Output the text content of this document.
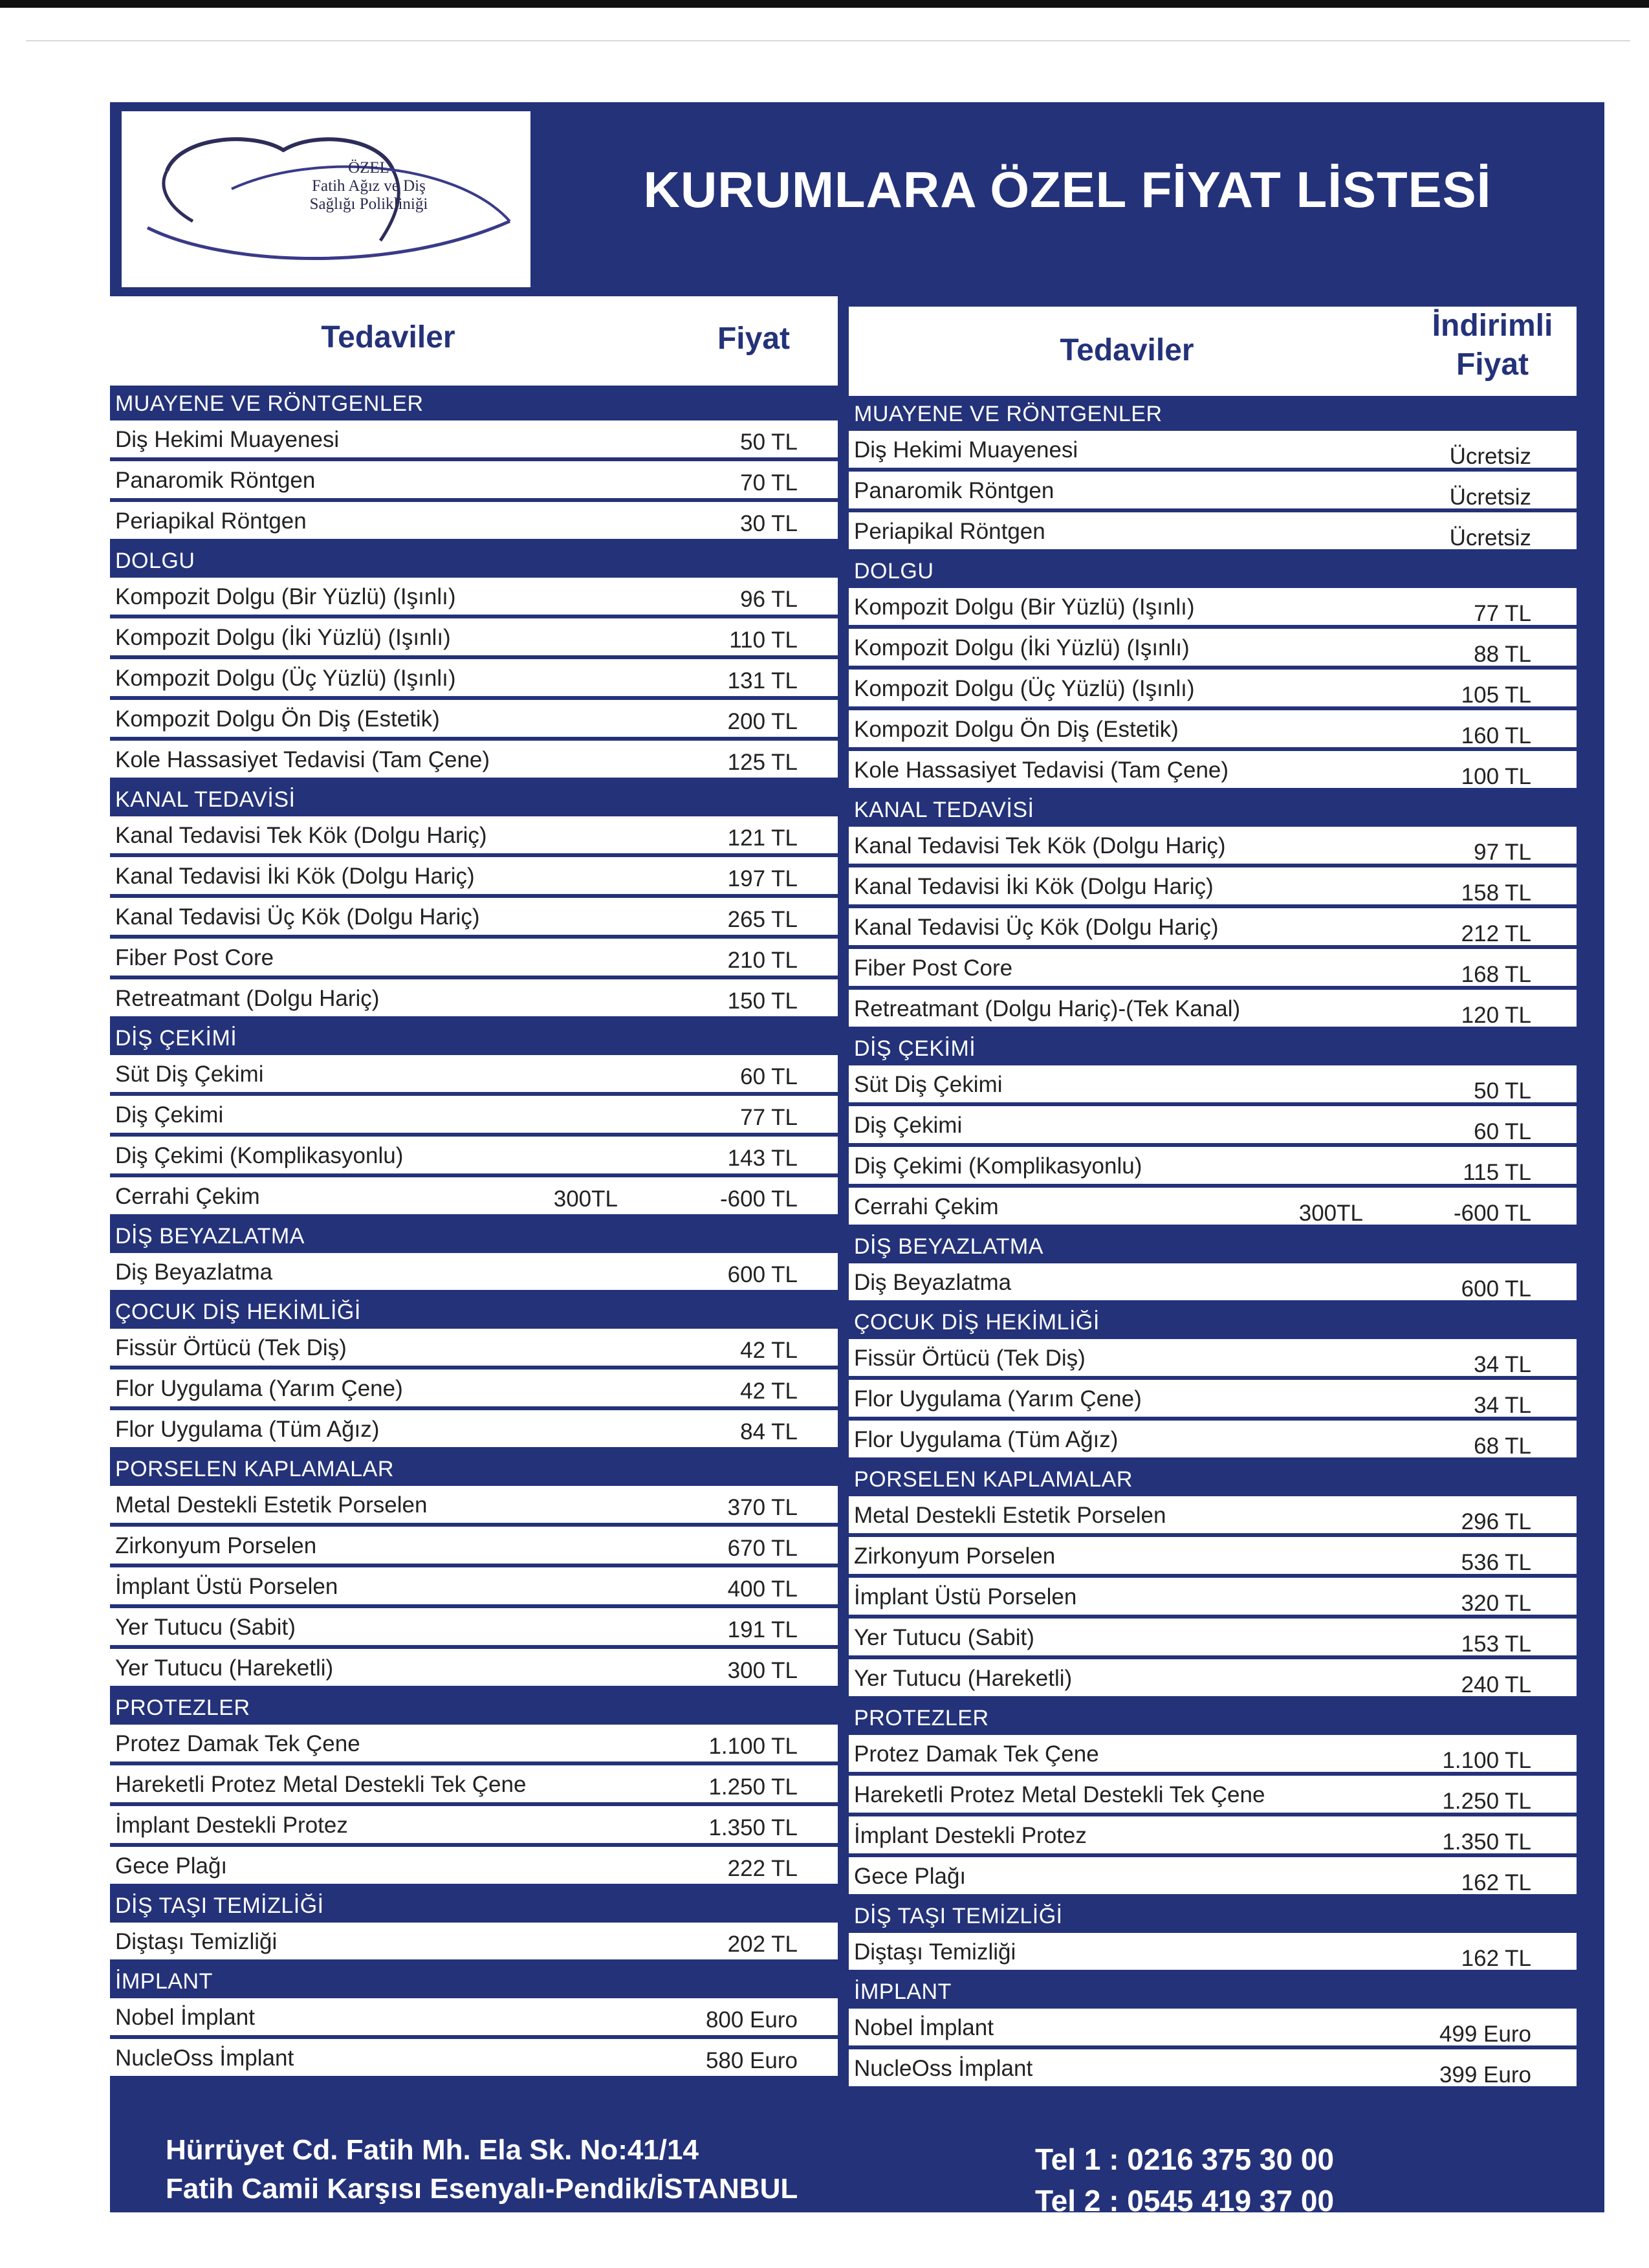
ÖZEL
Fatih Ağız ve Diş
Sağlığı Polikliniği	KURUMLARA ÖZEL FİYAT LİSTESİ
Tedaviler	Fiyat
MUAYENE VE RÖNTGENLER
Diş Hekimi Muayenesi	50 TL
Panaromik Röntgen	70 TL
Periapikal Röntgen	30 TL
DOLGU
Kompozit Dolgu (Bir Yüzlü) (Işınlı)	96 TL
Kompozit Dolgu (İki Yüzlü) (Işınlı)	110 TL
Kompozit Dolgu (Üç Yüzlü) (Işınlı)	131 TL
Kompozit Dolgu Ön Diş (Estetik)	200 TL
Kole Hassasiyet Tedavisi (Tam Çene)	125 TL
KANAL TEDAVİSİ
Kanal Tedavisi Tek Kök (Dolgu Hariç)	121 TL
Kanal Tedavisi İki Kök (Dolgu Hariç)	197 TL
Kanal Tedavisi Üç Kök (Dolgu Hariç)	265 TL
Fiber Post Core	210 TL
Retreatmant (Dolgu Hariç)	150 TL
DİŞ ÇEKİMİ
Süt Diş Çekimi	60 TL
Diş Çekimi	77 TL
Diş Çekimi (Komplikasyonlu)	143 TL
Cerrahi Çekim	300TL	-600 TL
DİŞ BEYAZLATMA
Diş Beyazlatma	600 TL
ÇOCUK DİŞ HEKİMLİĞİ
Fissür Örtücü (Tek Diş)	42 TL
Flor Uygulama (Yarım Çene)	42 TL
Flor Uygulama (Tüm Ağız)	84 TL
PORSELEN KAPLAMALAR
Metal Destekli Estetik Porselen	370 TL
Zirkonyum Porselen	670 TL
İmplant Üstü Porselen	400 TL
Yer Tutucu (Sabit)	191 TL
Yer Tutucu (Hareketli)	300 TL
PROTEZLER
Protez Damak Tek Çene	1.100 TL
Hareketli Protez Metal Destekli Tek Çene	1.250 TL
İmplant Destekli Protez	1.350 TL
Gece Plağı	222 TL
DİŞ TAŞI TEMİZLİĞİ
Diştaşı Temizliği	202 TL
İMPLANT
Nobel İmplant	800 Euro
NucleOss İmplant	580 Euro
Tedaviler
İndirimli Fiyat
MUAYENE VE RÖNTGENLER
Diş Hekimi Muayenesi	Ücretsiz
Panaromik Röntgen	Ücretsiz
Periapikal Röntgen	Ücretsiz
DOLGU
Kompozit Dolgu (Bir Yüzlü) (Işınlı)	77 TL
Kompozit Dolgu (İki Yüzlü) (Işınlı)	88 TL
Kompozit Dolgu (Üç Yüzlü) (Işınlı)	105 TL
Kompozit Dolgu Ön Diş (Estetik)	160 TL
Kole Hassasiyet Tedavisi (Tam Çene)	100 TL
KANAL TEDAVİSİ
Kanal Tedavisi Tek Kök (Dolgu Hariç)	97 TL
Kanal Tedavisi İki Kök (Dolgu Hariç)	158 TL
Kanal Tedavisi Üç Kök (Dolgu Hariç)	212 TL
Fiber Post Core	168 TL
Retreatmant (Dolgu Hariç)-(Tek Kanal)	120 TL
DİŞ ÇEKİMİ
Süt Diş Çekimi	50 TL
Diş Çekimi	60 TL
Diş Çekimi (Komplikasyonlu)	115 TL
Cerrahi Çekim	300TL	-600 TL
DİŞ BEYAZLATMA
Diş Beyazlatma	600 TL
ÇOCUK DİŞ HEKİMLİĞİ
Fissür Örtücü (Tek Diş)	34 TL
Flor Uygulama (Yarım Çene)	34 TL
Flor Uygulama (Tüm Ağız)	68 TL
PORSELEN KAPLAMALAR
Metal Destekli Estetik Porselen	296 TL
Zirkonyum Porselen	536 TL
İmplant Üstü Porselen	320 TL
Yer Tutucu (Sabit)	153 TL
Yer Tutucu (Hareketli)	240 TL
PROTEZLER
Protez Damak Tek Çene	1.100 TL
Hareketli Protez Metal Destekli Tek Çene	1.250 TL
İmplant Destekli Protez	1.350 TL
Gece Plağı	162 TL
DİŞ TAŞI TEMİZLİĞİ
Diştaşı Temizliği	162 TL
İMPLANT
Nobel İmplant	499 Euro
NucleOss İmplant	399 Euro
Hürrüyet Cd. Fatih Mh. Ela Sk. No:41/14
Fatih Camii Karşısı Esenyalı-Pendik/İSTANBUL
Tel 1 : 0216 375 30 00
Tel 2 : 0545 419 37 00
